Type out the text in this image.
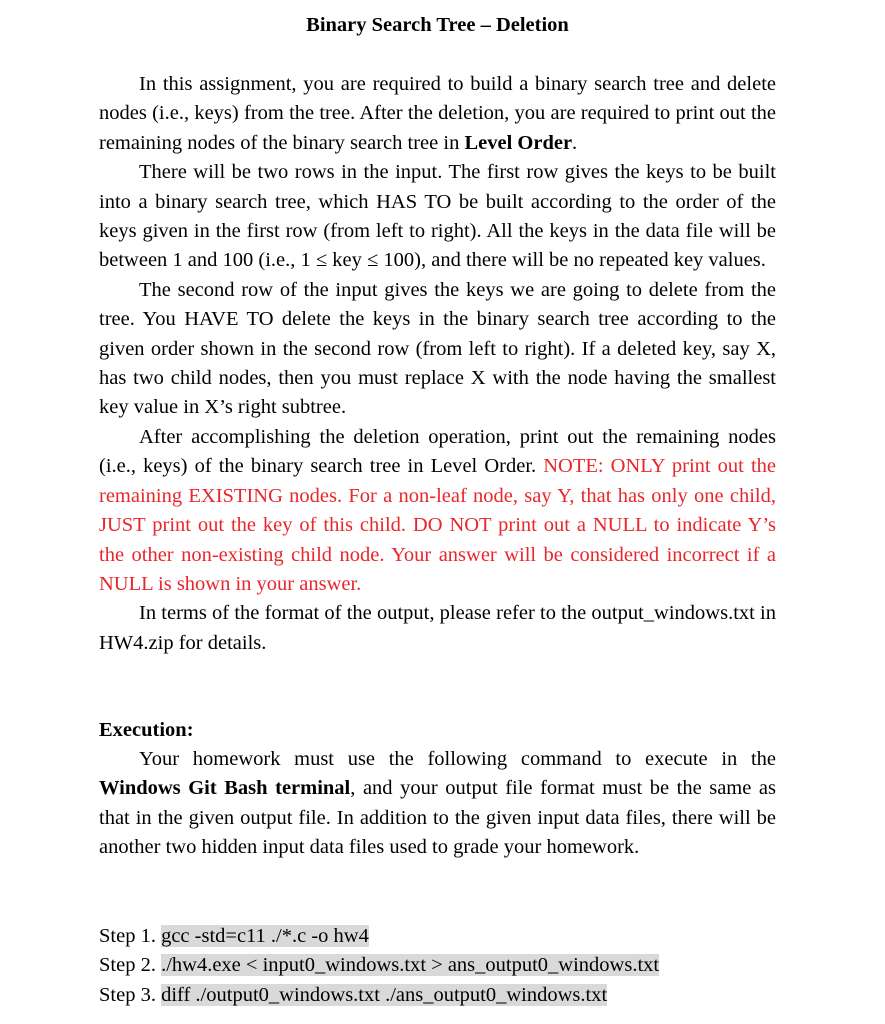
Binary Search Tree – Deletion

In this assignment, you are required to build a binary search tree and delete nodes (i.e., keys) from the tree. After the deletion, you are required to print out the remaining nodes of the binary search tree in Level Order.

There will be two rows in the input. The first row gives the keys to be built into a binary search tree, which HAS TO be built according to the order of the keys given in the first row (from left to right). All the keys in the data file will be between 1 and 100 (i.e., 1 ≤ key ≤ 100), and there will be no repeated key values.

The second row of the input gives the keys we are going to delete from the tree. You HAVE TO delete the keys in the binary search tree according to the given order shown in the second row (from left to right). If a deleted key, say X, has two child nodes, then you must replace X with the node having the smallest key value in X’s right subtree.

After accomplishing the deletion operation, print out the remaining nodes (i.e., keys) of the binary search tree in Level Order. NOTE: ONLY print out the remaining EXISTING nodes. For a non-leaf node, say Y, that has only one child, JUST print out the key of this child. DO NOT print out a NULL to indicate Y’s the other non-existing child node. Your answer will be considered incorrect if a NULL is shown in your answer.

In terms of the format of the output, please refer to the output_windows.txt in HW4.zip for details.

Execution:

Your homework must use the following command to execute in the Windows Git Bash terminal, and your output file format must be the same as that in the given output file. In addition to the given input data files, there will be another two hidden input data files used to grade your homework.

Step 1. gcc -std=c11 ./*.c -o hw4
Step 2. ./hw4.exe < input0_windows.txt > ans_output0_windows.txt
Step 3. diff ./output0_windows.txt ./ans_output0_windows.txt
